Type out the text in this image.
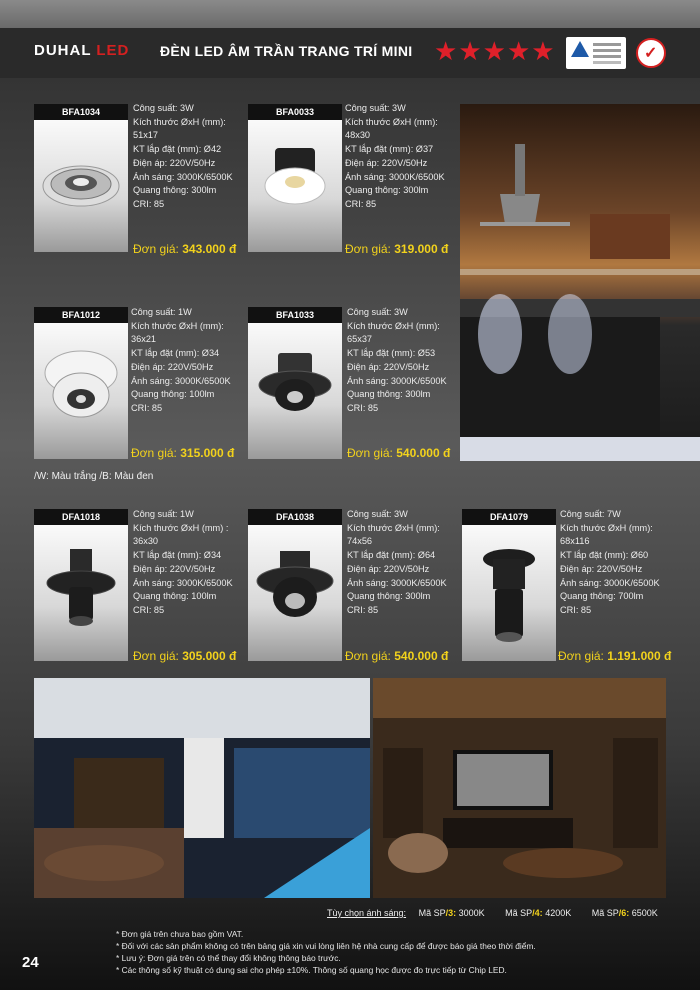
DUHAL LED ĐÈN LED ÂM TRẦN TRANG TRÍ MINI ★ ★ ★ ★ ★	✓
BFA1034	Công suất: 3W
Kích thước ØxH (mm):
51x17
KT lắp đặt (mm): Ø42
Điện áp: 220V/50Hz
Ánh sáng: 3000K/6500K
Quang thông: 300lm
CRI: 85
Đơn giá: 343.000 đ
BFA0033	Công suất: 3W
Kích thước ØxH (mm):
48x30
KT lắp đặt (mm): Ø37
Điện áp: 220V/50Hz
Ánh sáng: 3000K/6500K
Quang thông: 300lm
CRI: 85
Đơn giá: 319.000 đ
BFA1012	Công suất: 1W
Kích thước ØxH (mm):
36x21
KT lắp đặt (mm): Ø34
Điện áp: 220V/50Hz
Ánh sáng: 3000K/6500K
Quang thông: 100lm
CRI: 85
Đơn giá: 315.000 đ
BFA1033	Công suất: 3W
Kích thước ØxH (mm):
65x37
KT lắp đặt (mm): Ø53
Điện áp: 220V/50Hz
Ánh sáng: 3000K/6500K
Quang thông: 300lm
CRI: 85
Đơn giá: 540.000 đ
/W: Màu trắng /B: Màu đen
DFA1018	Công suất: 1W
Kích thước ØxH (mm) :
36x30
KT lắp đặt (mm): Ø34
Điện áp: 220V/50Hz
Ánh sáng: 3000K/6500K
Quang thông: 100lm
CRI: 85
Đơn giá: 305.000 đ
DFA1038	Công suất: 3W
Kích thước ØxH (mm):
74x56
KT lắp đặt (mm): Ø64
Điện áp: 220V/50Hz
Ánh sáng: 3000K/6500K
Quang thông: 300lm
CRI: 85
Đơn giá: 540.000 đ
DFA1079	Công suất: 7W
Kích thước ØxH (mm):
68x116
KT lắp đặt (mm): Ø60
Điện áp: 220V/50Hz
Ánh sáng: 3000K/6500K
Quang thông: 700lm
CRI: 85
Đơn giá: 1.191.000 đ
Tùy chọn ánh sáng: Mã SP/3: 3000K Mã SP/4: 4200K Mã SP/6: 6500K
24
* Đơn giá trên chưa bao gồm VAT.
* Đối với các sản phẩm không có trên bảng giá xin vui lòng liên hệ nhà cung cấp để được báo giá theo thời điểm.
* Lưu ý: Đơn giá trên có thể thay đổi không thông báo trước.
* Các thông số kỹ thuật có dung sai cho phép ±10%. Thông số quang học được đo trực tiếp từ Chip LED.
